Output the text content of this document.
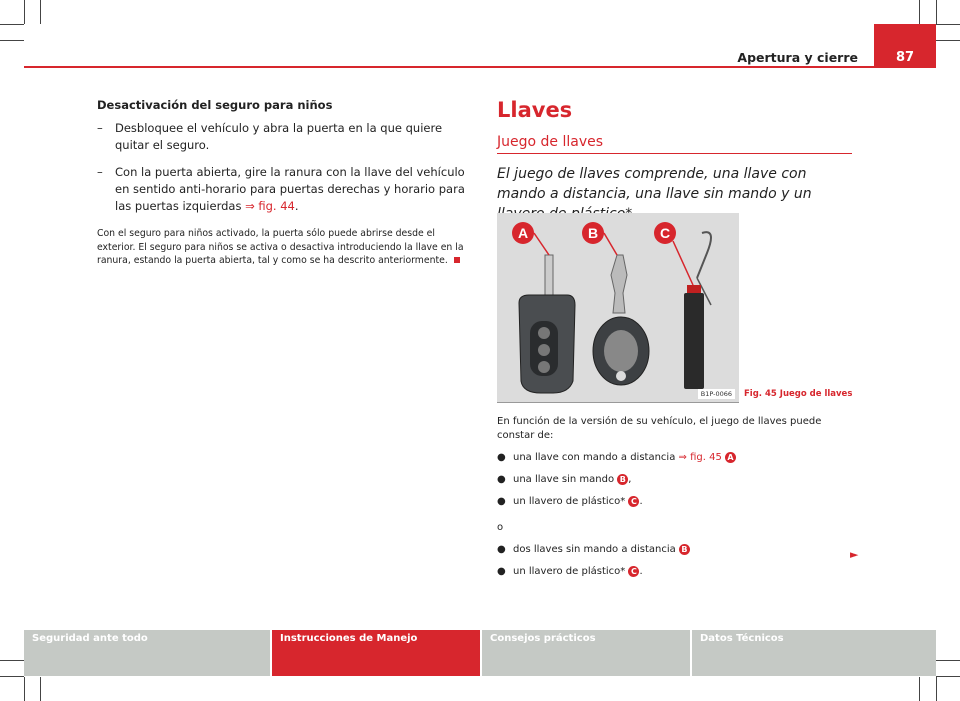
87
Apertura y cierre
Desactivación del seguro para niños
– Desbloquee el vehículo y abra la puerta en la que quiere quitar el seguro.
– Con la puerta abierta, gire la ranura con la llave del vehículo en sentido anti-horario para puertas derechas y horario para las puertas izquierdas ⇒ fig. 44.
Con el seguro para niños activado, la puerta sólo puede abrirse desde el exterior. El seguro para niños se activa o desactiva introduciendo la llave en la ranura, estando la puerta abierta, tal y como se ha descrito anteriormente.
Llaves
Juego de llaves
El juego de llaves comprende, una llave con mando a distancia, una llave sin mando y un
A	B	C
B1P-0066	Fig. 45 Juego de llaves
En función de la versión de su vehículo, el juego de llaves puede constar de:
● una llave con mando a distancia ⇒ fig. 45 A
● una llave sin mando B ,
● un llavero de plástico* C .
o
● dos llaves sin mando a distancia B
● un llavero de plástico* C .
►
Seguridad ante todo	Instrucciones de Manejo	Consejos prácticos	Datos Técnicos
